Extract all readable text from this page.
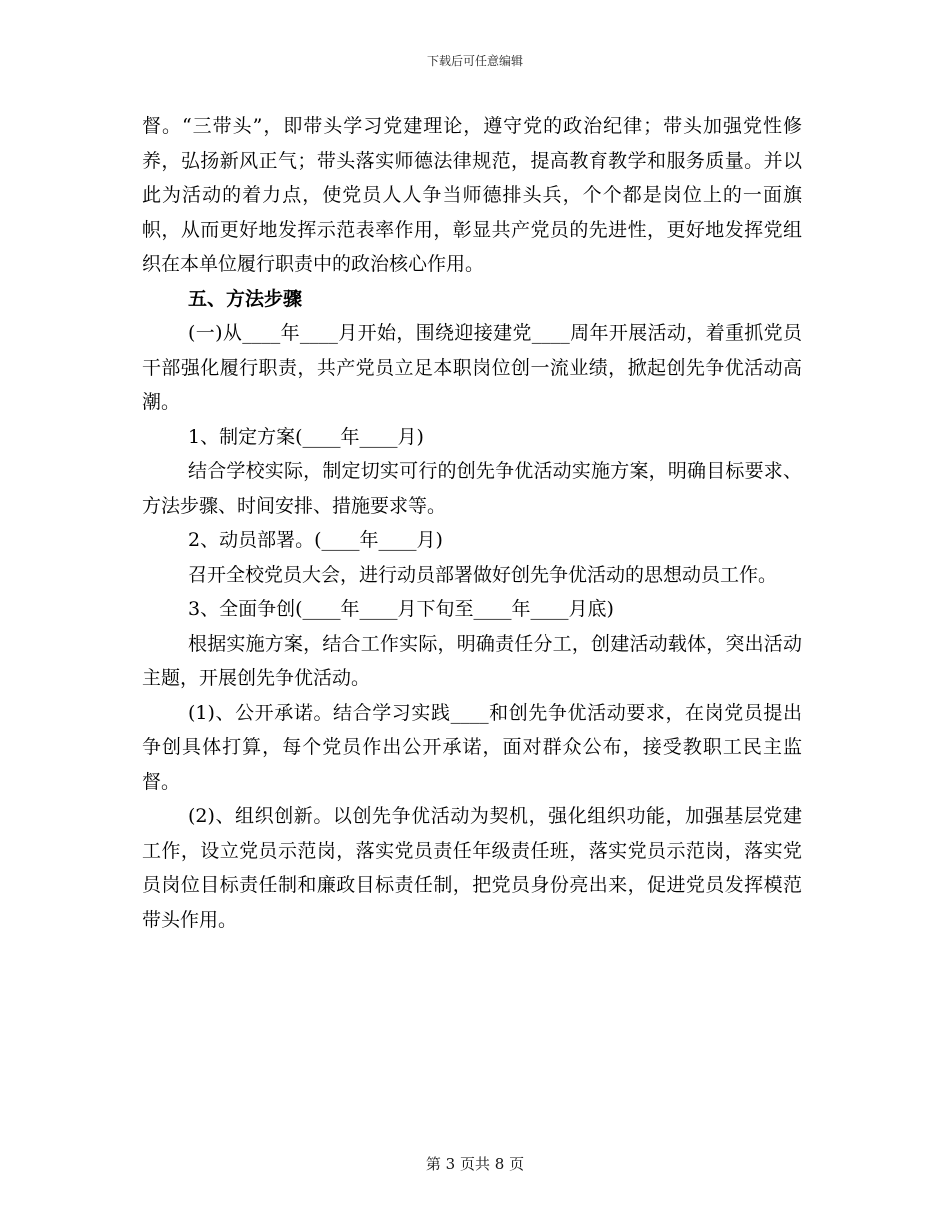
下载后可任意编辑

督。“三带头”，即带头学习党建理论，遵守党的政治纪律；带头加强党性修养，弘扬新风正气；带头落实师德法律规范，提高教育教学和服务质量。并以此为活动的着力点，使党员人人争当师德排头兵，个个都是岗位上的一面旗帜，从而更好地发挥示范表率作用，彰显共产党员的先进性，更好地发挥党组织在本单位履行职责中的政治核心作用。

五、方法步骤

(一)从____年____月开始，围绕迎接建党____周年开展活动，着重抓党员干部强化履行职责，共产党员立足本职岗位创一流业绩，掀起创先争优活动高潮。

1、制定方案(____年____月)

结合学校实际，制定切实可行的创先争优活动实施方案，明确目标要求、方法步骤、时间安排、措施要求等。

2、动员部署。(____年____月)

召开全校党员大会，进行动员部署做好创先争优活动的思想动员工作。

3、全面争创(____年____月下旬至____年____月底)

根据实施方案，结合工作实际，明确责任分工，创建活动载体，突出活动主题，开展创先争优活动。

(1)、公开承诺。结合学习实践____和创先争优活动要求，在岗党员提出争创具体打算，每个党员作出公开承诺，面对群众公布，接受教职工民主监督。

(2)、组织创新。以创先争优活动为契机，强化组织功能，加强基层党建工作，设立党员示范岗，落实党员责任年级责任班，落实党员示范岗，落实党员岗位目标责任制和廉政目标责任制，把党员身份亮出来，促进党员发挥模范带头作用。

第 3 页共 8 页
